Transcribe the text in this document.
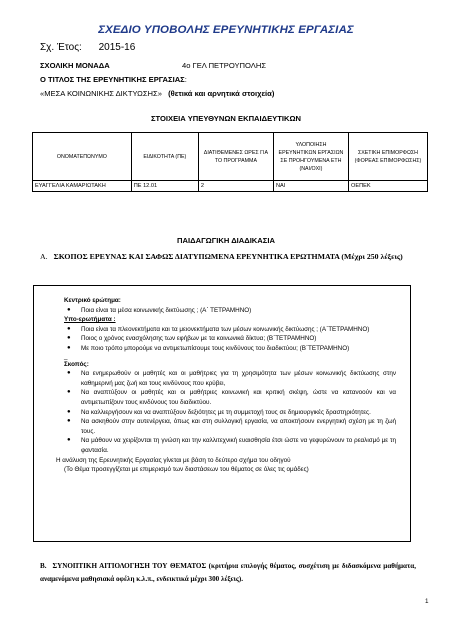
ΣΧΕΔΙΟ ΥΠΟΒΟΛΗΣ ΕΡΕΥΝΗΤΙΚΗΣ ΕΡΓΑΣΙΑΣ
Σχ. Έτος: 2015-16
ΣΧΟΛΙΚΗ ΜΟΝΑΔΑ	4ο ΓΕΛ ΠΕΤΡΟΥΠΟΛΗΣ
Ο ΤΙΤΛΟΣ ΤΗΣ ΕΡΕΥΝΗΤΙΚΗΣ ΕΡΓΑΣΙΑΣ:
«ΜΕΣΑ ΚΟΙΝΩΝΙΚΗΣ ΔΙΚΤΥΩΣΗΣ» (θετικά και αρνητικά στοιχεία)
ΣΤΟΙΧΕΙΑ ΥΠΕΥΘΥΝΩΝ ΕΚΠΑΙΔΕΥΤΙΚΩΝ
ΟΝΟΜΑΤΕΠΩΝΥΜΟ	ΕΙΔΙΚΟΤΗΤΑ (ΠΕ)	ΔΙΑΤΙΘΕΜΕΝΕΣ ΩΡΕΣ ΓΙΑ ΤΟ ΠΡΟΓΡΑΜΜΑ	ΥΛΟΠΟΙΗΣΗ ΕΡΕΥΝΗΤΙΚΩΝ ΕΡΓΑΣΙΩΝ ΣΕ ΠΡΟΗΓΟΥΜΕΝΑ ΕΤΗ (ΝΑΙ/ΟΧΙ)	ΣΧΕΤΙΚΗ ΕΠΙΜΟΡΦΩΣΗ (ΦΟΡΕΑΣ ΕΠΙΜΟΡΦΩΣΗΣ)
ΕΥΑΓΓΕΛΙΑ ΚΑΜΑΡΙΩΤΑΚΗ	ΠΕ 12.01	2	ΝΑΙ	ΟΕΠΕΚ
ΠΑΙΔΑΓΩΓΙΚΗ ΔΙΑΔΙΚΑΣΙΑ
Α. ΣΚΟΠΟΣ ΕΡΕΥΝΑΣ ΚΑΙ ΣΑΦΩΣ ΔΙΑΤΥΠΩΜΕΝΑ ΕΡΕΥΝΗΤΙΚΑ ΕΡΩΤΗΜΑΤΑ (Μέχρι 250 λέξεις)

Κεντρικό ερώτημα:

● Ποια είναι τα μέσα κοινωνικής δικτύωσης ; (Α΄ ΤΕΤΡΑΜΗΝΟ)

Υπο-ερωτήματα :

● Ποια είναι τα πλεονεκτήματα και τα μειονεκτήματα των μέσων κοινωνικής δικτύωσης ; (Α΄ΤΕΤΡΑΜΗΝΟ)

● Ποιος ο χρόνος ενασχόλησης των εφήβων με τα κοινωνικά δίκτυα; (Β΄ΤΕΤΡΑΜΗΝΟ)

● Με ποιο τρόπο μπορούμε να αντιμετωπίσουμε τους κινδύνους του διαδικτύου; (Β΄ΤΕΤΡΑΜΗΝΟ)

_

Σκοπός:

● Να ενημερωθούν οι μαθητές και οι μαθήτριες για τη χρησιμότητα των μέσων κοινωνικής δικτύωσης στην καθημερινή μας ζωή και τους κινδύνους που κρύβει,

● Να αναπτύξουν οι μαθητές και οι μαθήτριες κοινωνική και κριτική σκέψη, ώστε να κατανοούν και να αντιμετωπίζουν τους κινδύνους του διαδικτύου.

● Να καλλιεργήσουν και να αναπτύξουν δεξιότητες με τη συμμετοχή τους σε δημιουργικές δραστηριότητες.

● Να ασκηθούν στην αυτενέργεια, όπως και στη συλλογική εργασία, να αποκτήσουν ενεργητική σχέση με τη ζωή τους.

● Να μάθουν να χειρίζονται τη γνώση και την καλλιτεχνική ευαισθησία έτσι ώστε να γεφυρώνουν το ρεαλισμό με τη φαντασία.

Η ανάλυση της Ερευνητικής Εργασίας γίνεται με βάση το δεύτερο σχήμα του οδηγού

(Το Θέμα προσεγγίζεται με επιμερισμό των διαστάσεων του θέματος σε όλες τις ομάδες)

Β. ΣΥΝΟΠΤΙΚΗ ΑΙΤΙΟΛΟΓΗΣΗ ΤΟΥ ΘΕΜΑΤΟΣ (κριτήρια επιλογής θέματος, συσχέτιση με διδασκόμενα μαθήματα, αναμενόμενα μαθησιακά οφέλη κ.λ.π., ενδεικτικά μέχρι 300 λέξεις).
1
